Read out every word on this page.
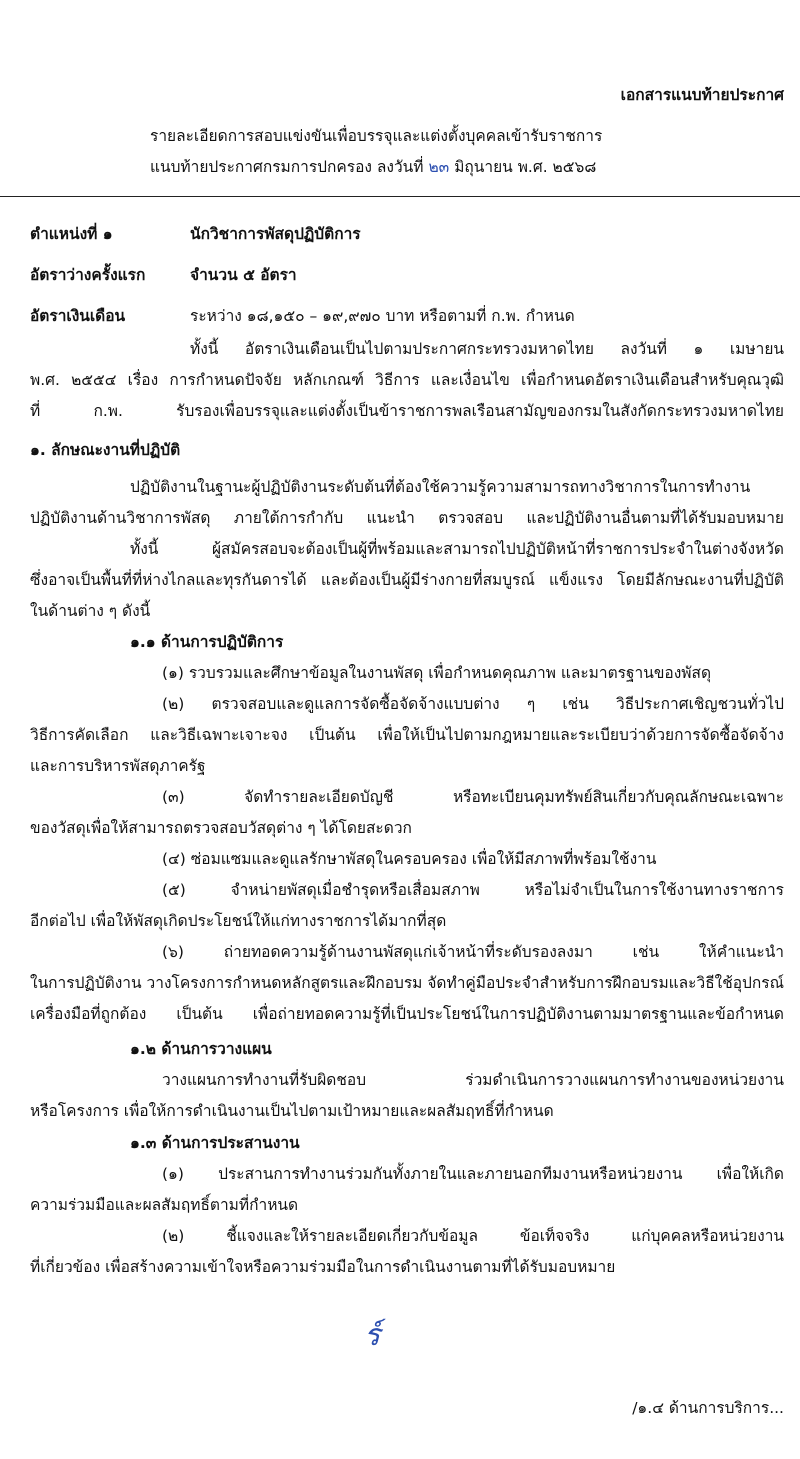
เอกสารแนบท้ายประกาศ
รายละเอียดการสอบแข่งขันเพื่อบรรจุและแต่งตั้งบุคคลเข้ารับราชการ
แนบท้ายประกาศกรมการปกครอง ลงวันที่ ๒๓ มิถุนายน พ.ศ. ๒๕๖๘
ตำแหน่งที่ ๑	นักวิชาการพัสดุปฏิบัติการ
อัตราว่างครั้งแรก	จำนวน ๕ อัตรา
อัตราเงินเดือน	ระหว่าง ๑๘,๑๕๐ – ๑๙,๙๗๐ บาท หรือตามที่ ก.พ. กำหนด
ทั้งนี้ อัตราเงินเดือนเป็นไปตามประกาศกระทรวงมหาดไทย ลงวันที่ ๑ เมษายน
พ.ศ. ๒๕๕๔ เรื่อง การกำหนดปัจจัย หลักเกณฑ์ วิธีการ และเงื่อนไข เพื่อกำหนดอัตราเงินเดือนสำหรับคุณวุฒิ
ที่ ก.พ. รับรองเพื่อบรรจุและแต่งตั้งเป็นข้าราชการพลเรือนสามัญของกรมในสังกัดกระทรวงมหาดไทย
๑. ลักษณะงานที่ปฏิบัติ
ปฏิบัติงานในฐานะผู้ปฏิบัติงานระดับต้นที่ต้องใช้ความรู้ความสามารถทางวิชาการในการทำงาน
ปฏิบัติงานด้านวิชาการพัสดุ ภายใต้การกำกับ แนะนำ ตรวจสอบ และปฏิบัติงานอื่นตามที่ได้รับมอบหมาย
ทั้งนี้ ผู้สมัครสอบจะต้องเป็นผู้ที่พร้อมและสามารถไปปฏิบัติหน้าที่ราชการประจำในต่างจังหวัด
ซึ่งอาจเป็นพื้นที่ที่ห่างไกลและทุรกันดารได้ และต้องเป็นผู้มีร่างกายที่สมบูรณ์ แข็งแรง โดยมีลักษณะงานที่ปฏิบัติ
ในด้านต่าง ๆ ดังนี้
๑.๑ ด้านการปฏิบัติการ
(๑) รวบรวมและศึกษาข้อมูลในงานพัสดุ เพื่อกำหนดคุณภาพ และมาตรฐานของพัสดุ
(๒) ตรวจสอบและดูแลการจัดซื้อจัดจ้างแบบต่าง ๆ เช่น วิธีประกาศเชิญชวนทั่วไป
วิธีการคัดเลือก และวิธีเฉพาะเจาะจง เป็นต้น เพื่อให้เป็นไปตามกฎหมายและระเบียบว่าด้วยการจัดซื้อจัดจ้าง
และการบริหารพัสดุภาครัฐ
(๓) จัดทำรายละเอียดบัญชี หรือทะเบียนคุมทรัพย์สินเกี่ยวกับคุณลักษณะเฉพาะ
ของวัสดุเพื่อให้สามารถตรวจสอบวัสดุต่าง ๆ ได้โดยสะดวก
(๔) ซ่อมแซมและดูแลรักษาพัสดุในครอบครอง เพื่อให้มีสภาพที่พร้อมใช้งาน
(๕) จำหน่ายพัสดุเมื่อชำรุดหรือเสื่อมสภาพ หรือไม่จำเป็นในการใช้งานทางราชการ
อีกต่อไป เพื่อให้พัสดุเกิดประโยชน์ให้แก่ทางราชการได้มากที่สุด
(๖) ถ่ายทอดความรู้ด้านงานพัสดุแก่เจ้าหน้าที่ระดับรองลงมา เช่น ให้คำแนะนำ
ในการปฏิบัติงาน วางโครงการกำหนดหลักสูตรและฝึกอบรม จัดทำคู่มือประจำสำหรับการฝึกอบรมและวิธีใช้อุปกรณ์
เครื่องมือที่ถูกต้อง เป็นต้น เพื่อถ่ายทอดความรู้ที่เป็นประโยชน์ในการปฏิบัติงานตามมาตรฐานและข้อกำหนด
๑.๒ ด้านการวางแผน
วางแผนการทำงานที่รับผิดชอบ ร่วมดำเนินการวางแผนการทำงานของหน่วยงาน
หรือโครงการ เพื่อให้การดำเนินงานเป็นไปตามเป้าหมายและผลสัมฤทธิ์ที่กำหนด
๑.๓ ด้านการประสานงาน
(๑) ประสานการทำงานร่วมกันทั้งภายในและภายนอกทีมงานหรือหน่วยงาน เพื่อให้เกิด
ความร่วมมือและผลสัมฤทธิ์ตามที่กำหนด
(๒) ชี้แจงและให้รายละเอียดเกี่ยวกับข้อมูล ข้อเท็จจริง แก่บุคคลหรือหน่วยงาน
ที่เกี่ยวข้อง เพื่อสร้างความเข้าใจหรือความร่วมมือในการดำเนินงานตามที่ได้รับมอบหมาย
ร์
/๑.๔ ด้านการบริการ...
